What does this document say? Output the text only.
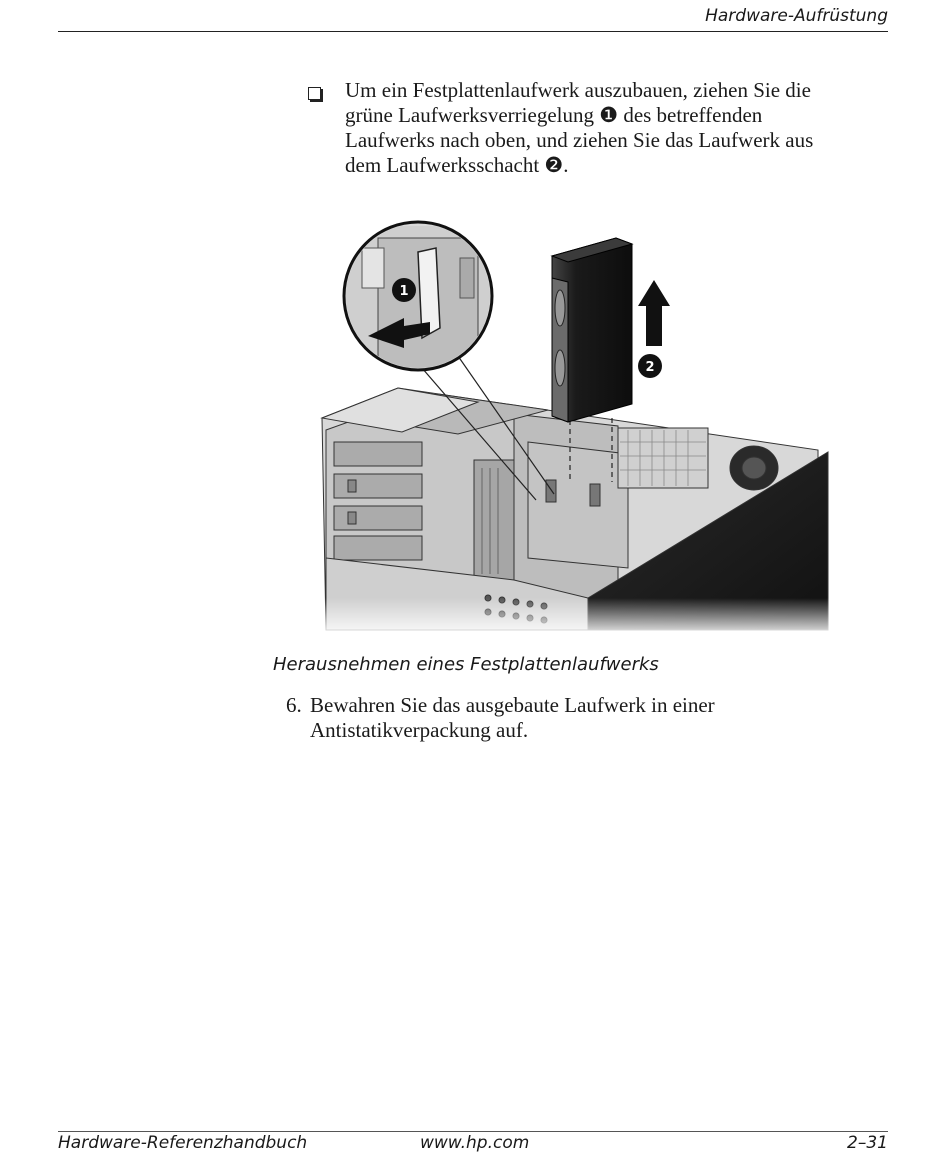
Hardware-Aufrüstung
Um ein Festplattenlaufwerk auszubauen, ziehen Sie die grüne Laufwerksverriegelung ❶ des betreffenden Laufwerks nach oben, und ziehen Sie das Laufwerk aus dem Laufwerksschacht ❷.
2
1
Herausnehmen eines Festplattenlaufwerks
6. Bewahren Sie das ausgebaute Laufwerk in einer Antistatikverpackung auf.
Hardware-Referenzhandbuch	www.hp.com	2–31
